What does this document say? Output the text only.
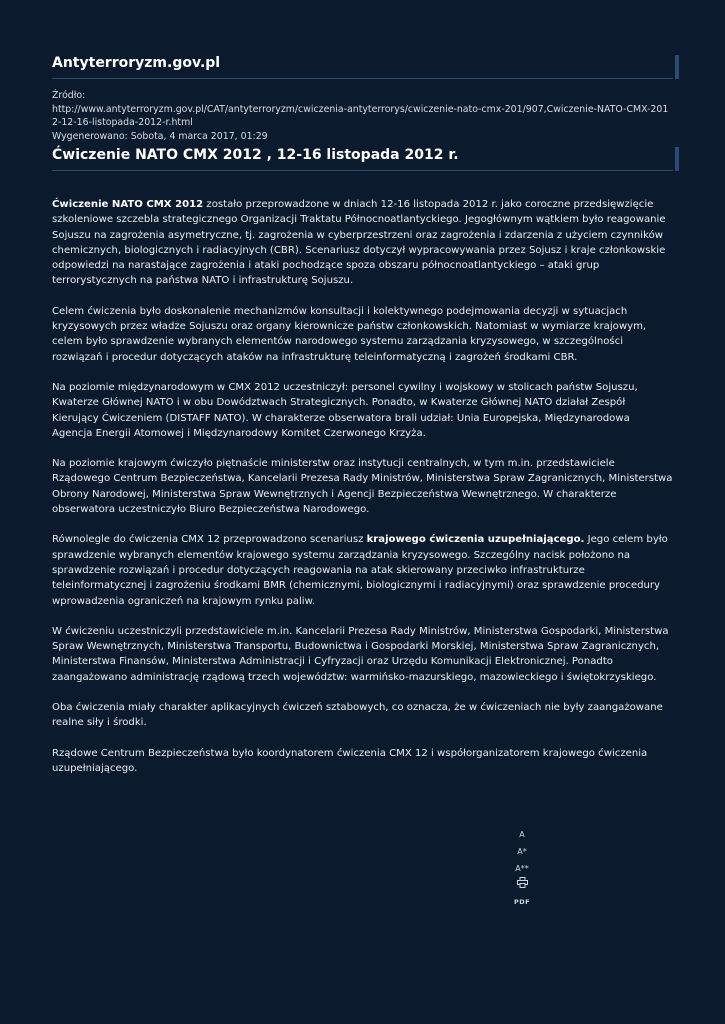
Antyterroryzm.gov.pl
Źródło:
http://www.antyterroryzm.gov.pl/CAT/antyterroryzm/cwiczenia-antyterrorys/cwiczenie-nato-cmx-201/907,Cwiczenie-NATO-CMX-2012-12-16-listopada-2012-r.html
Wygenerowano: Sobota, 4 marca 2017, 01:29
Ćwiczenie NATO CMX 2012 , 12-16 listopada 2012 r.

Ćwiczenie NATO CMX 2012 zostało przeprowadzone w dniach 12-16 listopada 2012 r. jako coroczne przedsięwzięcie szkoleniowe szczebla strategicznego Organizacji Traktatu Północnoatlantyckiego. Jegogłównym wątkiem było reagowanie Sojuszu na zagrożenia asymetryczne, tj. zagrożenia w cyberprzestrzeni oraz zagrożenia i zdarzenia z użyciem czynników chemicznych, biologicznych i radiacyjnych (CBR). Scenariusz dotyczył wypracowywania przez Sojusz i kraje członkowskie odpowiedzi na narastające zagrożenia i ataki pochodzące spoza obszaru północnoatlantyckiego – ataki grup terrorystycznych na państwa NATO i infrastrukturę Sojuszu.

Celem ćwiczenia było doskonalenie mechanizmów konsultacji i kolektywnego podejmowania decyzji w sytuacjach kryzysowych przez władze Sojuszu oraz organy kierownicze państw członkowskich. Natomiast w wymiarze krajowym, celem było sprawdzenie wybranych elementów narodowego systemu zarządzania kryzysowego, w szczególności rozwiązań i procedur dotyczących ataków na infrastrukturę teleinformatyczną i zagrożeń środkami CBR.

Na poziomie międzynarodowym w CMX 2012 uczestniczył: personel cywilny i wojskowy w stolicach państw Sojuszu, Kwaterze Głównej NATO i w obu Dowództwach Strategicznych. Ponadto, w Kwaterze Głównej NATO działał Zespół Kierujący Ćwiczeniem (DISTAFF NATO). W charakterze obserwatora brali udział: Unia Europejska, Międzynarodowa Agencja Energii Atomowej i Międzynarodowy Komitet Czerwonego Krzyża.

Na poziomie krajowym ćwiczyło piętnaście ministerstw oraz instytucji centralnych, w tym m.in. przedstawiciele Rządowego Centrum Bezpieczeństwa, Kancelarii Prezesa Rady Ministrów, Ministerstwa Spraw Zagranicznych, Ministerstwa Obrony Narodowej, Ministerstwa Spraw Wewnętrznych i Agencji Bezpieczeństwa Wewnętrznego. W charakterze obserwatora uczestniczyło Biuro Bezpieczeństwa Narodowego.

Równolegle do ćwiczenia CMX 12 przeprowadzono scenariusz krajowego ćwiczenia uzupełniającego. Jego celem było sprawdzenie wybranych elementów krajowego systemu zarządzania kryzysowego. Szczególny nacisk położono na sprawdzenie rozwiązań i procedur dotyczących reagowania na atak skierowany przeciwko infrastrukturze teleinformatycznej i zagrożeniu środkami BMR (chemicznymi, biologicznymi i radiacyjnymi) oraz sprawdzenie procedury wprowadzenia ograniczeń na krajowym rynku paliw.

W ćwiczeniu uczestniczyli przedstawiciele m.in. Kancelarii Prezesa Rady Ministrów, Ministerstwa Gospodarki, Ministerstwa Spraw Wewnętrznych, Ministerstwa Transportu, Budownictwa i Gospodarki Morskiej, Ministerstwa Spraw Zagranicznych, Ministerstwa Finansów, Ministerstwa Administracji i Cyfryzacji oraz Urzędu Komunikacji Elektronicznej. Ponadto zaangażowano administrację rządową trzech województw: warmińsko-mazurskiego, mazowieckiego i świętokrzyskiego.

Oba ćwiczenia miały charakter aplikacyjnych ćwiczeń sztabowych, co oznacza, że w ćwiczeniach nie były zaangażowane realne siły i środki.

Rządowe Centrum Bezpieczeństwa było koordynatorem ćwiczenia CMX 12 i współorganizatorem krajowego ćwiczenia uzupełniającego.

A
A*
A**
PDF
